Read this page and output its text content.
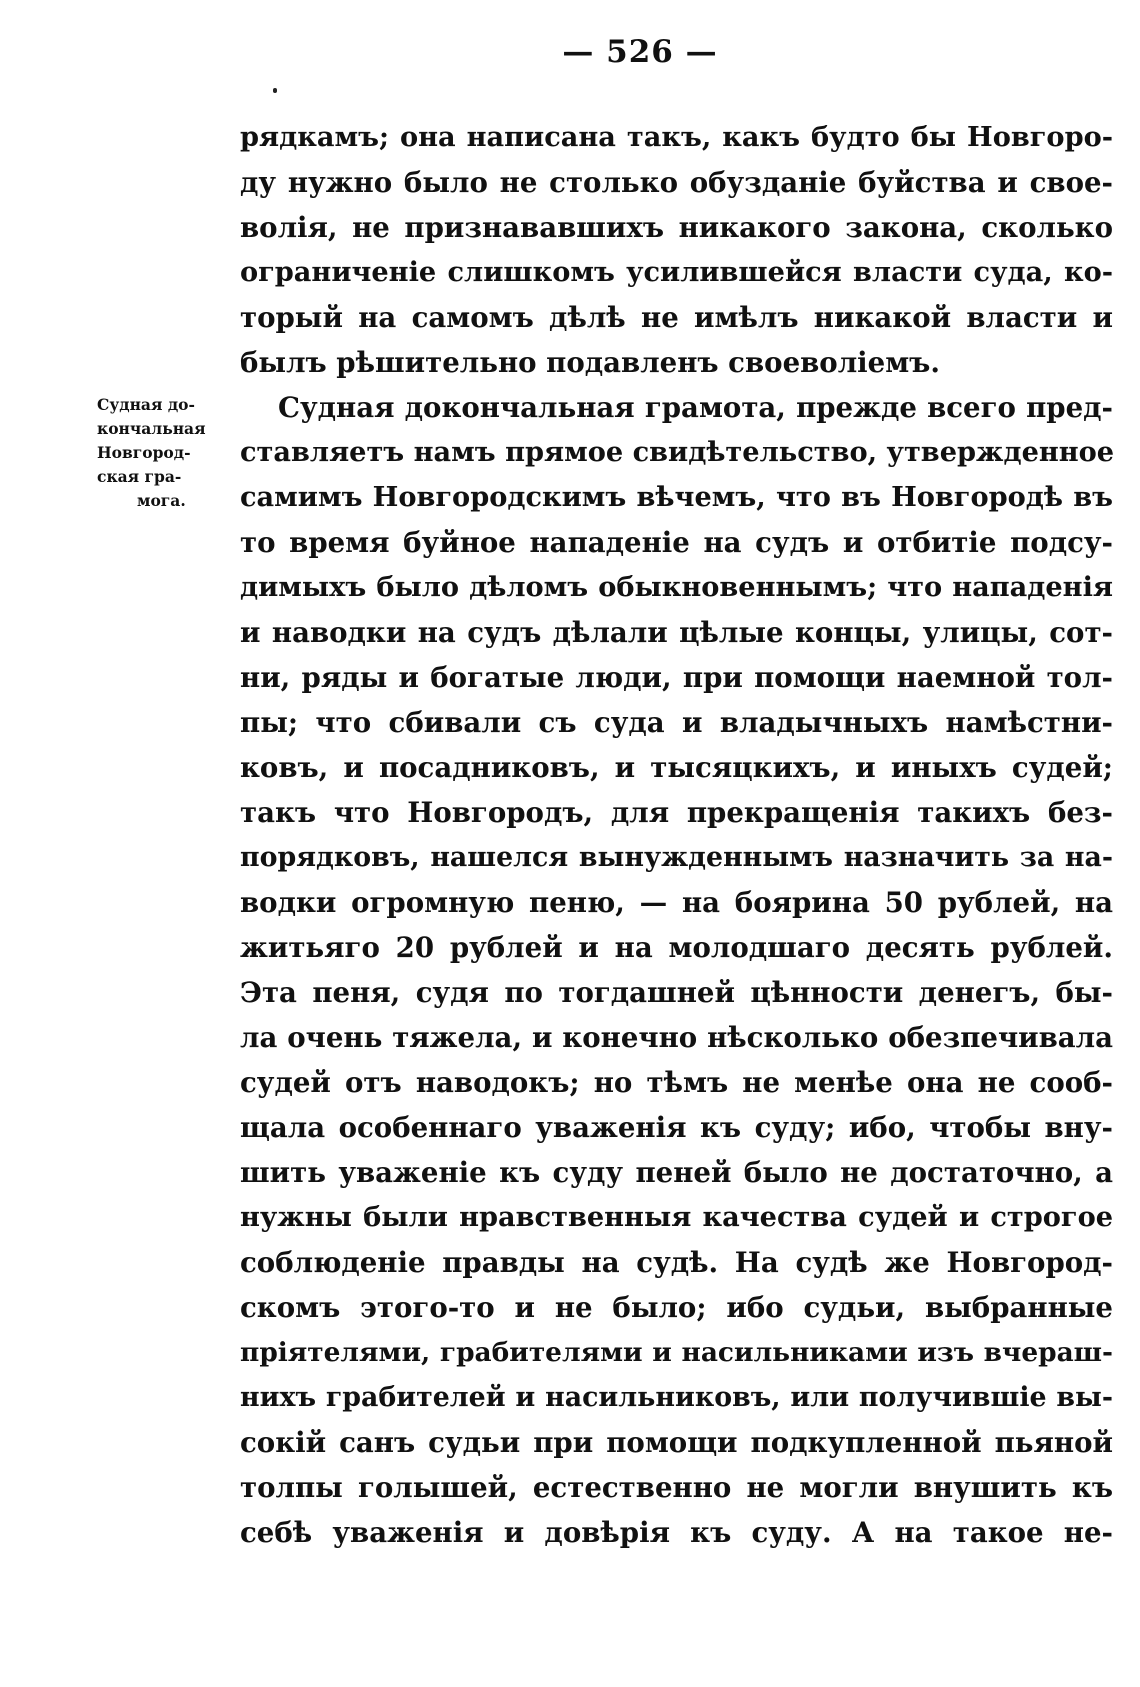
— 526 —
Судная до-
кончальная
Новгород-
ская гра-
мога.
рядкамъ; она написана такъ, какъ будто бы Новгоро-
ду нужно было не столько обузданіе буйства и свое-
волія, не признававшихъ никакого закона, сколько
ограниченіе слишкомъ усилившейся власти суда, ко-
торый на самомъ дѣлѣ не имѣлъ никакой власти и
былъ рѣшительно подавленъ своеволіемъ.
Судная докончальная грамота, прежде всего пред-
ставляетъ намъ прямое свидѣтельство, утвержденное
самимъ Новгородскимъ вѣчемъ, что въ Новгородѣ въ
то время буйное нападеніе на судъ и отбитіе подсу-
димыхъ было дѣломъ обыкновеннымъ; что нападенія
и наводки на судъ дѣлали цѣлые концы, улицы, сот-
ни, ряды и богатые люди, при помощи наемной тол-
пы; что сбивали съ суда и владычныхъ намѣстни-
ковъ, и посадниковъ, и тысяцкихъ, и иныхъ судей;
такъ что Новгородъ, для прекращенія такихъ без-
порядковъ, нашелся вынужденнымъ назначить за на-
водки огромную пеню, — на боярина 50 рублей, на
житьяго 20 рублей и на молодшаго десять рублей.
Эта пеня, судя по тогдашней цѣнности денегъ, бы-
ла очень тяжела, и конечно нѣсколько обезпечивала
судей отъ наводокъ; но тѣмъ не менѣе она не сооб-
щала особеннаго уваженія къ суду; ибо, чтобы вну-
шить уваженіе къ суду пеней было не достаточно, а
нужны были нравственныя качества судей и строгое
соблюденіе правды на судѣ. На судѣ же Новгород-
скомъ этого-то и не было; ибо судьи, выбранные
пріятелями, грабителями и насильниками изъ вчераш-
нихъ грабителей и насильниковъ, или получившіе вы-
сокій санъ судьи при помощи подкупленной пьяной
толпы голышей, естественно не могли внушить къ
себѣ уваженія и довѣрія къ суду. А на такое не-
